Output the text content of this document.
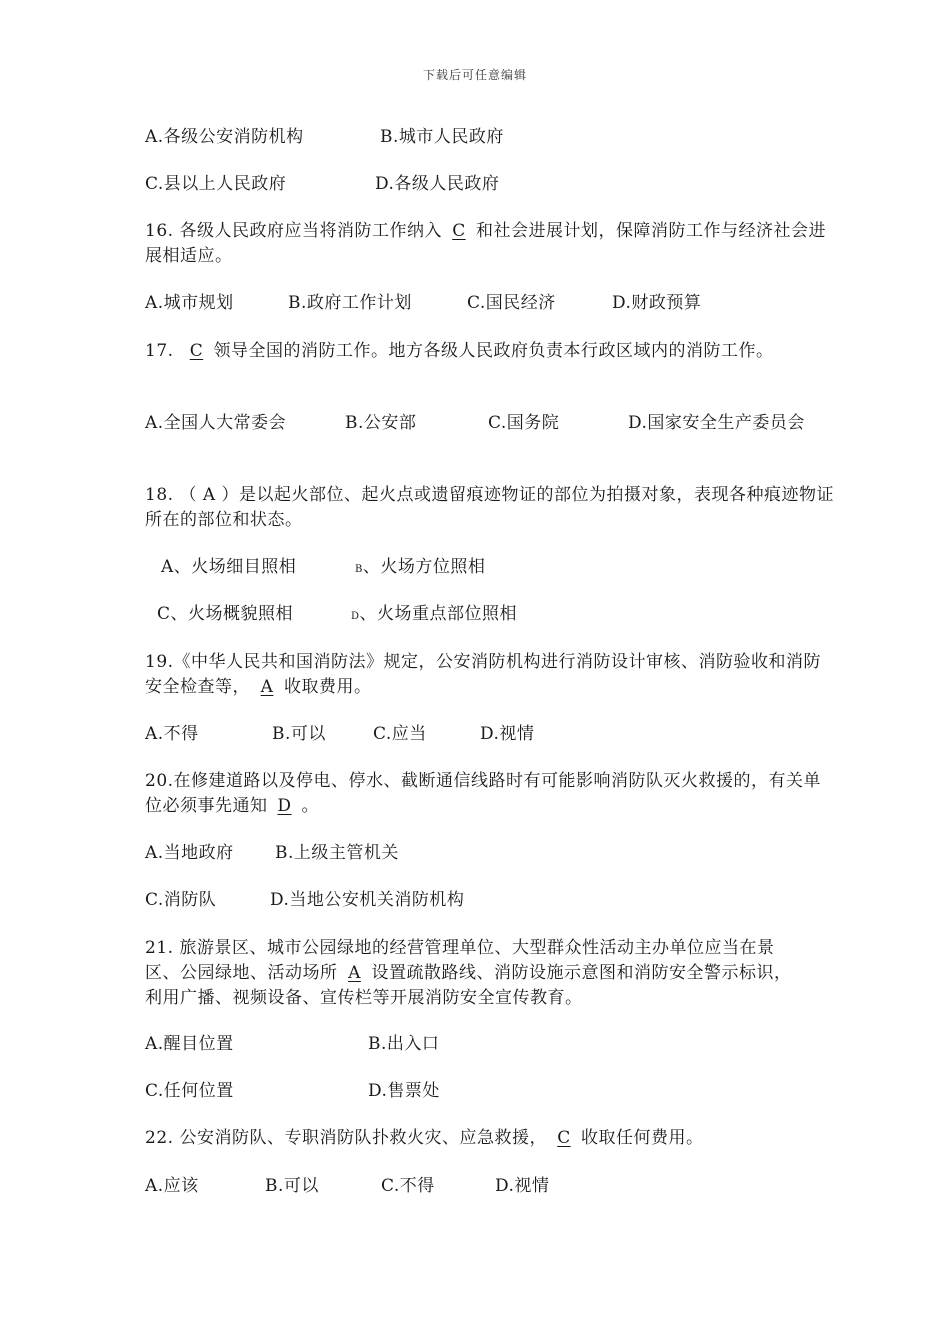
下载后可任意编辑
A.各级公安消防机构	B.城市人民政府
C.县以上人民政府	D.各级人民政府
16. 各级人民政府应当将消防工作纳入 C 和社会进展计划，保障消防工作与经济社会进展相适应。
A.城市规划	B.政府工作计划	C.国民经济	D.财政预算
17. C 领导全国的消防工作。地方各级人民政府负责本行政区域内的消防工作。
A.全国人大常委会	B.公安部	C.国务院	D.国家安全生产委员会
18. （ A ）是以起火部位、起火点或遗留痕迹物证的部位为拍摄对象，表现各种痕迹物证所在的部位和状态。
A、火场细目照相	B、火场方位照相
C、火场概貌照相	D、火场重点部位照相
19.《中华人民共和国消防法》规定，公安消防机构进行消防设计审核、消防验收和消防安全检查等， A 收取费用。
A.不得	B.可以	C.应当	D.视情
20.在修建道路以及停电、停水、截断通信线路时有可能影响消防队灭火救援的，有关单位必须事先通知 D 。
A.当地政府 B.上级主管机关
C.消防队	D.当地公安机关消防机构
21. 旅游景区、城市公园绿地的经营管理单位、大型群众性活动主办单位应当在景区、公园绿地、活动场所 A 设置疏散路线、消防设施示意图和消防安全警示标识，利用广播、视频设备、宣传栏等开展消防安全宣传教育。
A.醒目位置	B.出入口
C.任何位置	D.售票处
22. 公安消防队、专职消防队扑救火灾、应急救援， C 收取任何费用。
A.应该	B.可以	C.不得	D.视情
